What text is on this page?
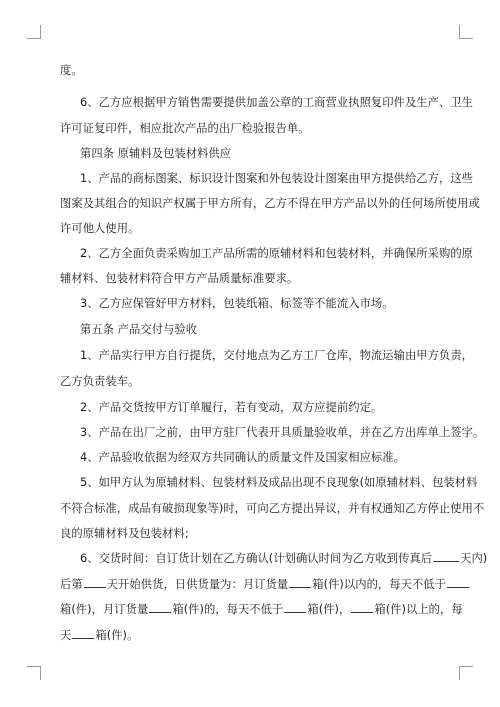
度。
6、乙方应根据甲方销售需要提供加盖公章的工商营业执照复印件及生产、卫生
许可证复印件，相应批次产品的出厂检验报告单。
第四条 原辅料及包装材料供应
1、产品的商标图案、标识设计图案和外包装设计图案由甲方提供给乙方，这些
图案及其组合的知识产权属于甲方所有，乙方不得在甲方产品以外的任何场所使用或
许可他人使用。
2、乙方全面负责采购加工产品所需的原辅材料和包装材料，并确保所采购的原
辅材料、包装材料符合甲方产品质量标准要求。
3、乙方应保管好甲方材料，包装纸箱、标签等不能流入市场。
第五条 产品交付与验收
1、产品实行甲方自行提货，交付地点为乙方工厂仓库，物流运输由甲方负责，
乙方负责装车。
2、产品交货按甲方订单履行，若有变动，双方应提前约定。
3、产品在出厂之前，由甲方驻厂代表开具质量验收单，并在乙方出库单上签字。
4、产品验收依据为经双方共同确认的质量文件及国家相应标准。
5、如甲方认为原辅材料、包装材料及成品出现不良现象(如原辅材料、包装材料
不符合标准，成品有破损现象等)时，可向乙方提出异议，并有权通知乙方停止使用不
良的原辅材料及包装材料;
6、交货时间：自订货计划在乙方确认(计划确认时间为乙方收到传真后 天内)
后第 天开始供货，日供货量为：月订货量 箱(件)以内的，每天不低于
箱(件)，月订货量 箱(件)的，每天不低于 箱(件)， 箱(件)以上的，每
天 箱(件)。
